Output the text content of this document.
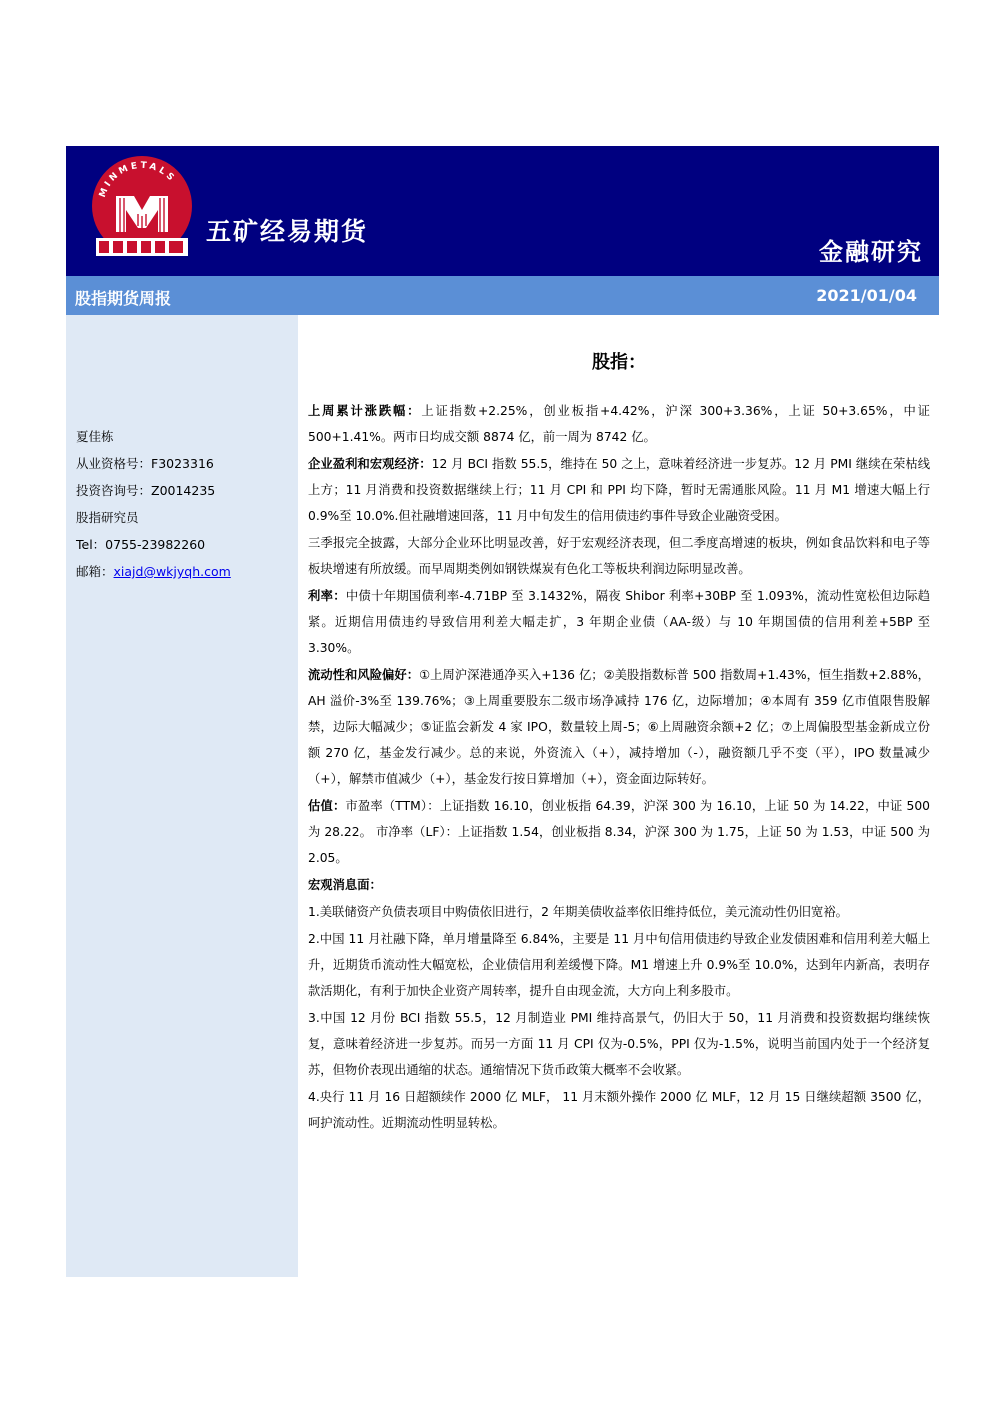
MINMETALS
五矿经易期货
金融研究
股指期货周报	2021/01/04
夏佳栋
从业资格号：F3023316
投资咨询号：Z0014235
股指研究员
Tel：0755-23982260
邮箱：xiajd@wkjyqh.com
股指：

上周累计涨跌幅：上证指数+2.25%，创业板指+4.42%，沪深 300+3.36%，上证 50+3.65%，中证 500+1.41%。两市日均成交额 8874 亿，前一周为 8742 亿。

企业盈利和宏观经济：12 月 BCI 指数 55.5，维持在 50 之上，意味着经济进一步复苏。12 月 PMI 继续在荣枯线上方；11 月消费和投资数据继续上行；11 月 CPI 和 PPI 均下降，暂时无需通胀风险。11 月 M1 增速大幅上行 0.9%至 10.0%.但社融增速回落，11 月中旬发生的信用债违约事件导致企业融资受困。

三季报完全披露，大部分企业环比明显改善，好于宏观经济表现，但二季度高增速的板块，例如食品饮料和电子等板块增速有所放缓。而早周期类例如钢铁煤炭有色化工等板块利润边际明显改善。

利率：中债十年期国债利率-4.71BP 至 3.1432%，隔夜 Shibor 利率+30BP 至 1.093%，流动性宽松但边际趋紧。近期信用债违约导致信用利差大幅走扩，3 年期企业债（AA-级）与 10 年期国债的信用利差+5BP 至 3.30%。

流动性和风险偏好：①上周沪深港通净买入+136 亿；②美股指数标普 500 指数周+1.43%，恒生指数+2.88%，AH 溢价-3%至 139.76%；③上周重要股东二级市场净减持 176 亿，边际增加；④本周有 359 亿市值限售股解禁，边际大幅减少；⑤证监会新发 4 家 IPO，数量较上周-5；⑥上周融资余额+2 亿；⑦上周偏股型基金新成立份额 270 亿，基金发行减少。总的来说，外资流入（+），减持增加（-），融资额几乎不变（平），IPO 数量减少（+），解禁市值减少（+），基金发行按日算增加（+），资金面边际转好。

估值：市盈率（TTM）：上证指数 16.10，创业板指 64.39，沪深 300 为 16.10，上证 50 为 14.22，中证 500 为 28.22。 市净率（LF）：上证指数 1.54，创业板指 8.34，沪深 300 为 1.75，上证 50 为 1.53，中证 500 为 2.05。

宏观消息面：

1.美联储资产负债表项目中购债依旧进行，2 年期美债收益率依旧维持低位，美元流动性仍旧宽裕。

2.中国 11 月社融下降，单月增量降至 6.84%，主要是 11 月中旬信用债违约导致企业发债困难和信用利差大幅上升，近期货币流动性大幅宽松，企业债信用利差缓慢下降。M1 增速上升 0.9%至 10.0%，达到年内新高，表明存款活期化，有利于加快企业资产周转率，提升自由现金流，大方向上利多股市。

3.中国 12 月份 BCI 指数 55.5，12 月制造业 PMI 维持高景气，仍旧大于 50，11 月消费和投资数据均继续恢复，意味着经济进一步复苏。而另一方面 11 月 CPI 仅为-0.5%，PPI 仅为-1.5%，说明当前国内处于一个经济复苏，但物价表现出通缩的状态。通缩情况下货币政策大概率不会收紧。

4.央行 11 月 16 日超额续作 2000 亿 MLF， 11 月末额外操作 2000 亿 MLF，12 月 15 日继续超额 3500 亿，呵护流动性。近期流动性明显转松。
